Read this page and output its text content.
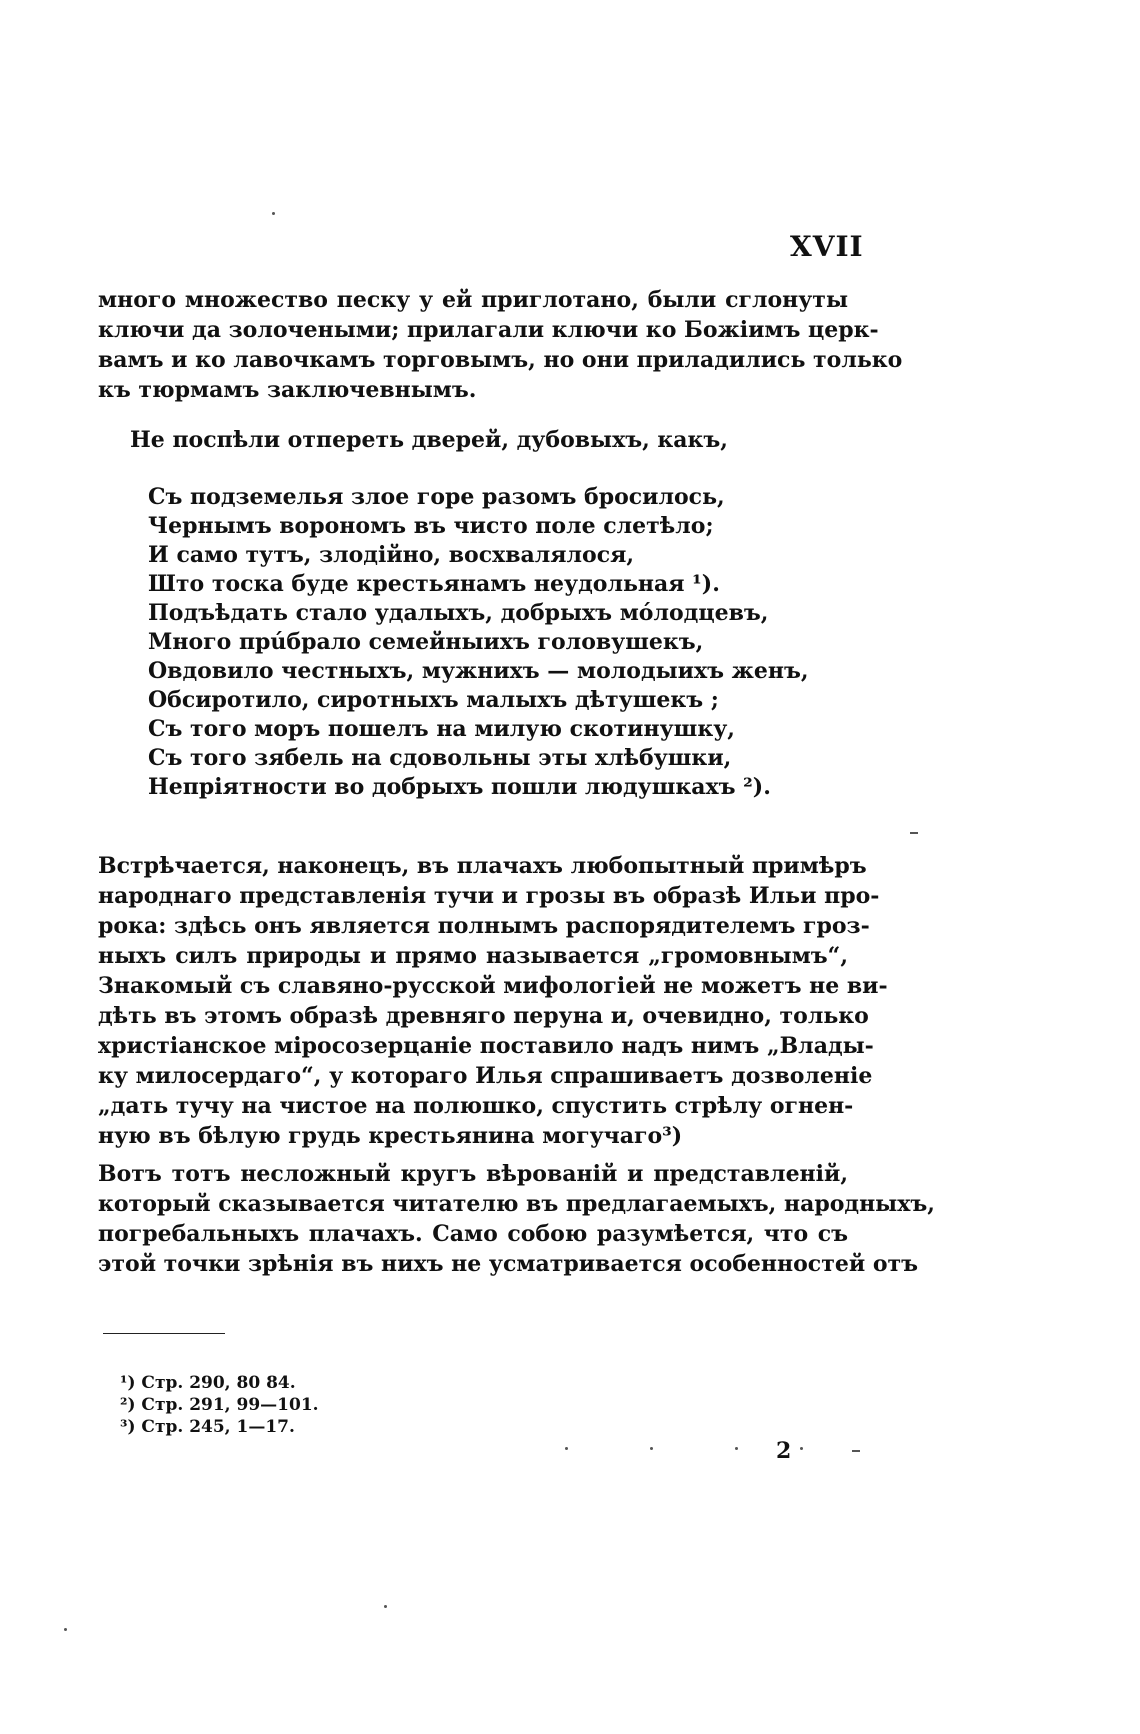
XVII
много множество песку у ей приглотано, были сглонуты
ключи да золочеными; прилагали ключи ко Божіимъ церк-
вамъ и ко лавочкамъ торговымъ, но они приладились только
къ тюрмамъ заключевнымъ.
Не поспѣли отпереть дверей, дубовыхъ, какъ,
Съ подземелья злое горе разомъ бросилось,
Чернымъ ворономъ въ чисто поле слетѣло;
И само тутъ, злодійно, восхвалялося,
Што тоска буде крестьянамъ неудольная ¹).
Подъѣдать стало удалыхъ, добрыхъ мóлодцевъ,
Много прúбрало семейныихъ головушекъ,
Овдовило честныхъ, мужнихъ — молодыихъ женъ,
Обсиротило, сиротныхъ малыхъ дѣтушекъ ;
Съ того моръ пошелъ на милую скотинушку,
Съ того зябель на сдовольны эты хлѣбушки,
Непріятности во добрыхъ пошли людушкахъ ²).
Встрѣчается, наконецъ, въ плачахъ любопытный примѣръ
народнаго представленія тучи и грозы въ образѣ Ильи про-
рока: здѣсь онъ является полнымъ распорядителемъ гроз-
ныхъ силъ природы и прямо называется „громовнымъ“,
Знакомый съ славяно-русской мифологіей не можетъ не ви-
дѣть въ этомъ образѣ древняго перуна и, очевидно, только
христіанское міросозерцаніе поставило надъ нимъ „Влады-
ку милосердаго“, у котораго Илья спрашиваетъ дозволеніе
„дать тучу на чистое на полюшко, спустить стрѣлу огнен-
ную въ бѣлую грудь крестьянина могучаго³)
Вотъ тотъ несложный кругъ вѣрованій и представленій,
который сказывается читателю въ предлагаемыхъ, народныхъ,
погребальныхъ плачахъ. Само собою разумѣется, что съ
этой точки зрѣнія въ нихъ не усматривается особенностей отъ
¹) Стр. 290, 80 84.
²) Стр. 291, 99—101.
³) Стр. 245, 1—17.
2
